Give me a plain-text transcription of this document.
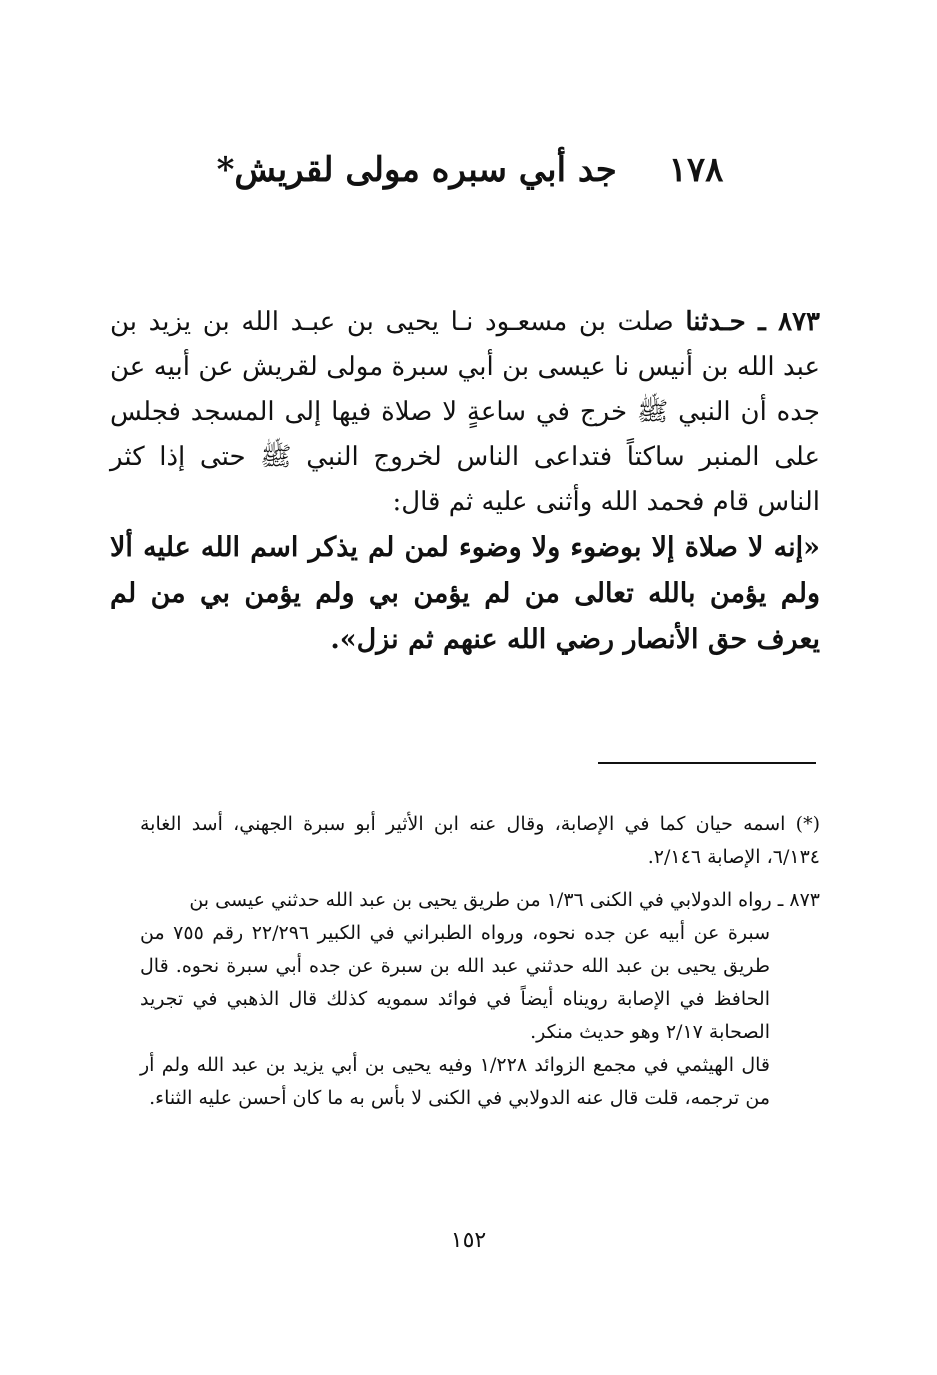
١٧٨ جد أبي سبره مولى لقريش*
٨٧٣ ـ حـدثنا صلت بن مسعـود نـا يحيى بن عبـد الله بن يزيد بن عبد الله بن أنيس نا عيسى بن أبي سبرة مولى لقريش عن أبيه عن جده أن النبي ﷺ خرج في ساعةٍ لا صلاة فيها إلى المسجد فجلس على المنبر ساكتاً فتداعى الناس لخروج النبي ﷺ حتى إذا كثر الناس قام فحمد الله وأثنى عليه ثم قال:
«إنه لا صلاة إلا بوضوء ولا وضوء لمن لم يذكر اسم الله عليه ألا ولم يؤمن بالله تعالى من لم يؤمن بي ولم يؤمن بي من لم يعرف حق الأنصار رضي الله عنهم ثم نزل».
(*) اسمه حيان كما في الإصابة، وقال عنه ابن الأثير أبو سبرة الجهني، أسد الغابة ٦/١٣٤، الإصابة ٢/١٤٦.
٨٧٣ ـ رواه الدولابي في الكنى ١/٣٦ من طريق يحيى بن عبد الله حدثني عيسى بن
سبرة عن أبيه عن جده نحوه، ورواه الطبراني في الكبير ٢٢/٢٩٦ رقم ٧٥٥ من طريق يحيى بن عبد الله حدثني عبد الله بن سبرة عن جده أبي سبرة نحوه. قال الحافظ في الإصابة رويناه أيضاً في فوائد سمويه كذلك قال الذهبي في تجريد الصحابة ٢/١٧ وهو حديث منكر.
قال الهيثمي في مجمع الزوائد ١/٢٢٨ وفيه يحيى بن أبي يزيد بن عبد الله ولم أر من ترجمه، قلت قال عنه الدولابي في الكنى لا بأس به ما كان أحسن عليه الثناء.
١٥٢
